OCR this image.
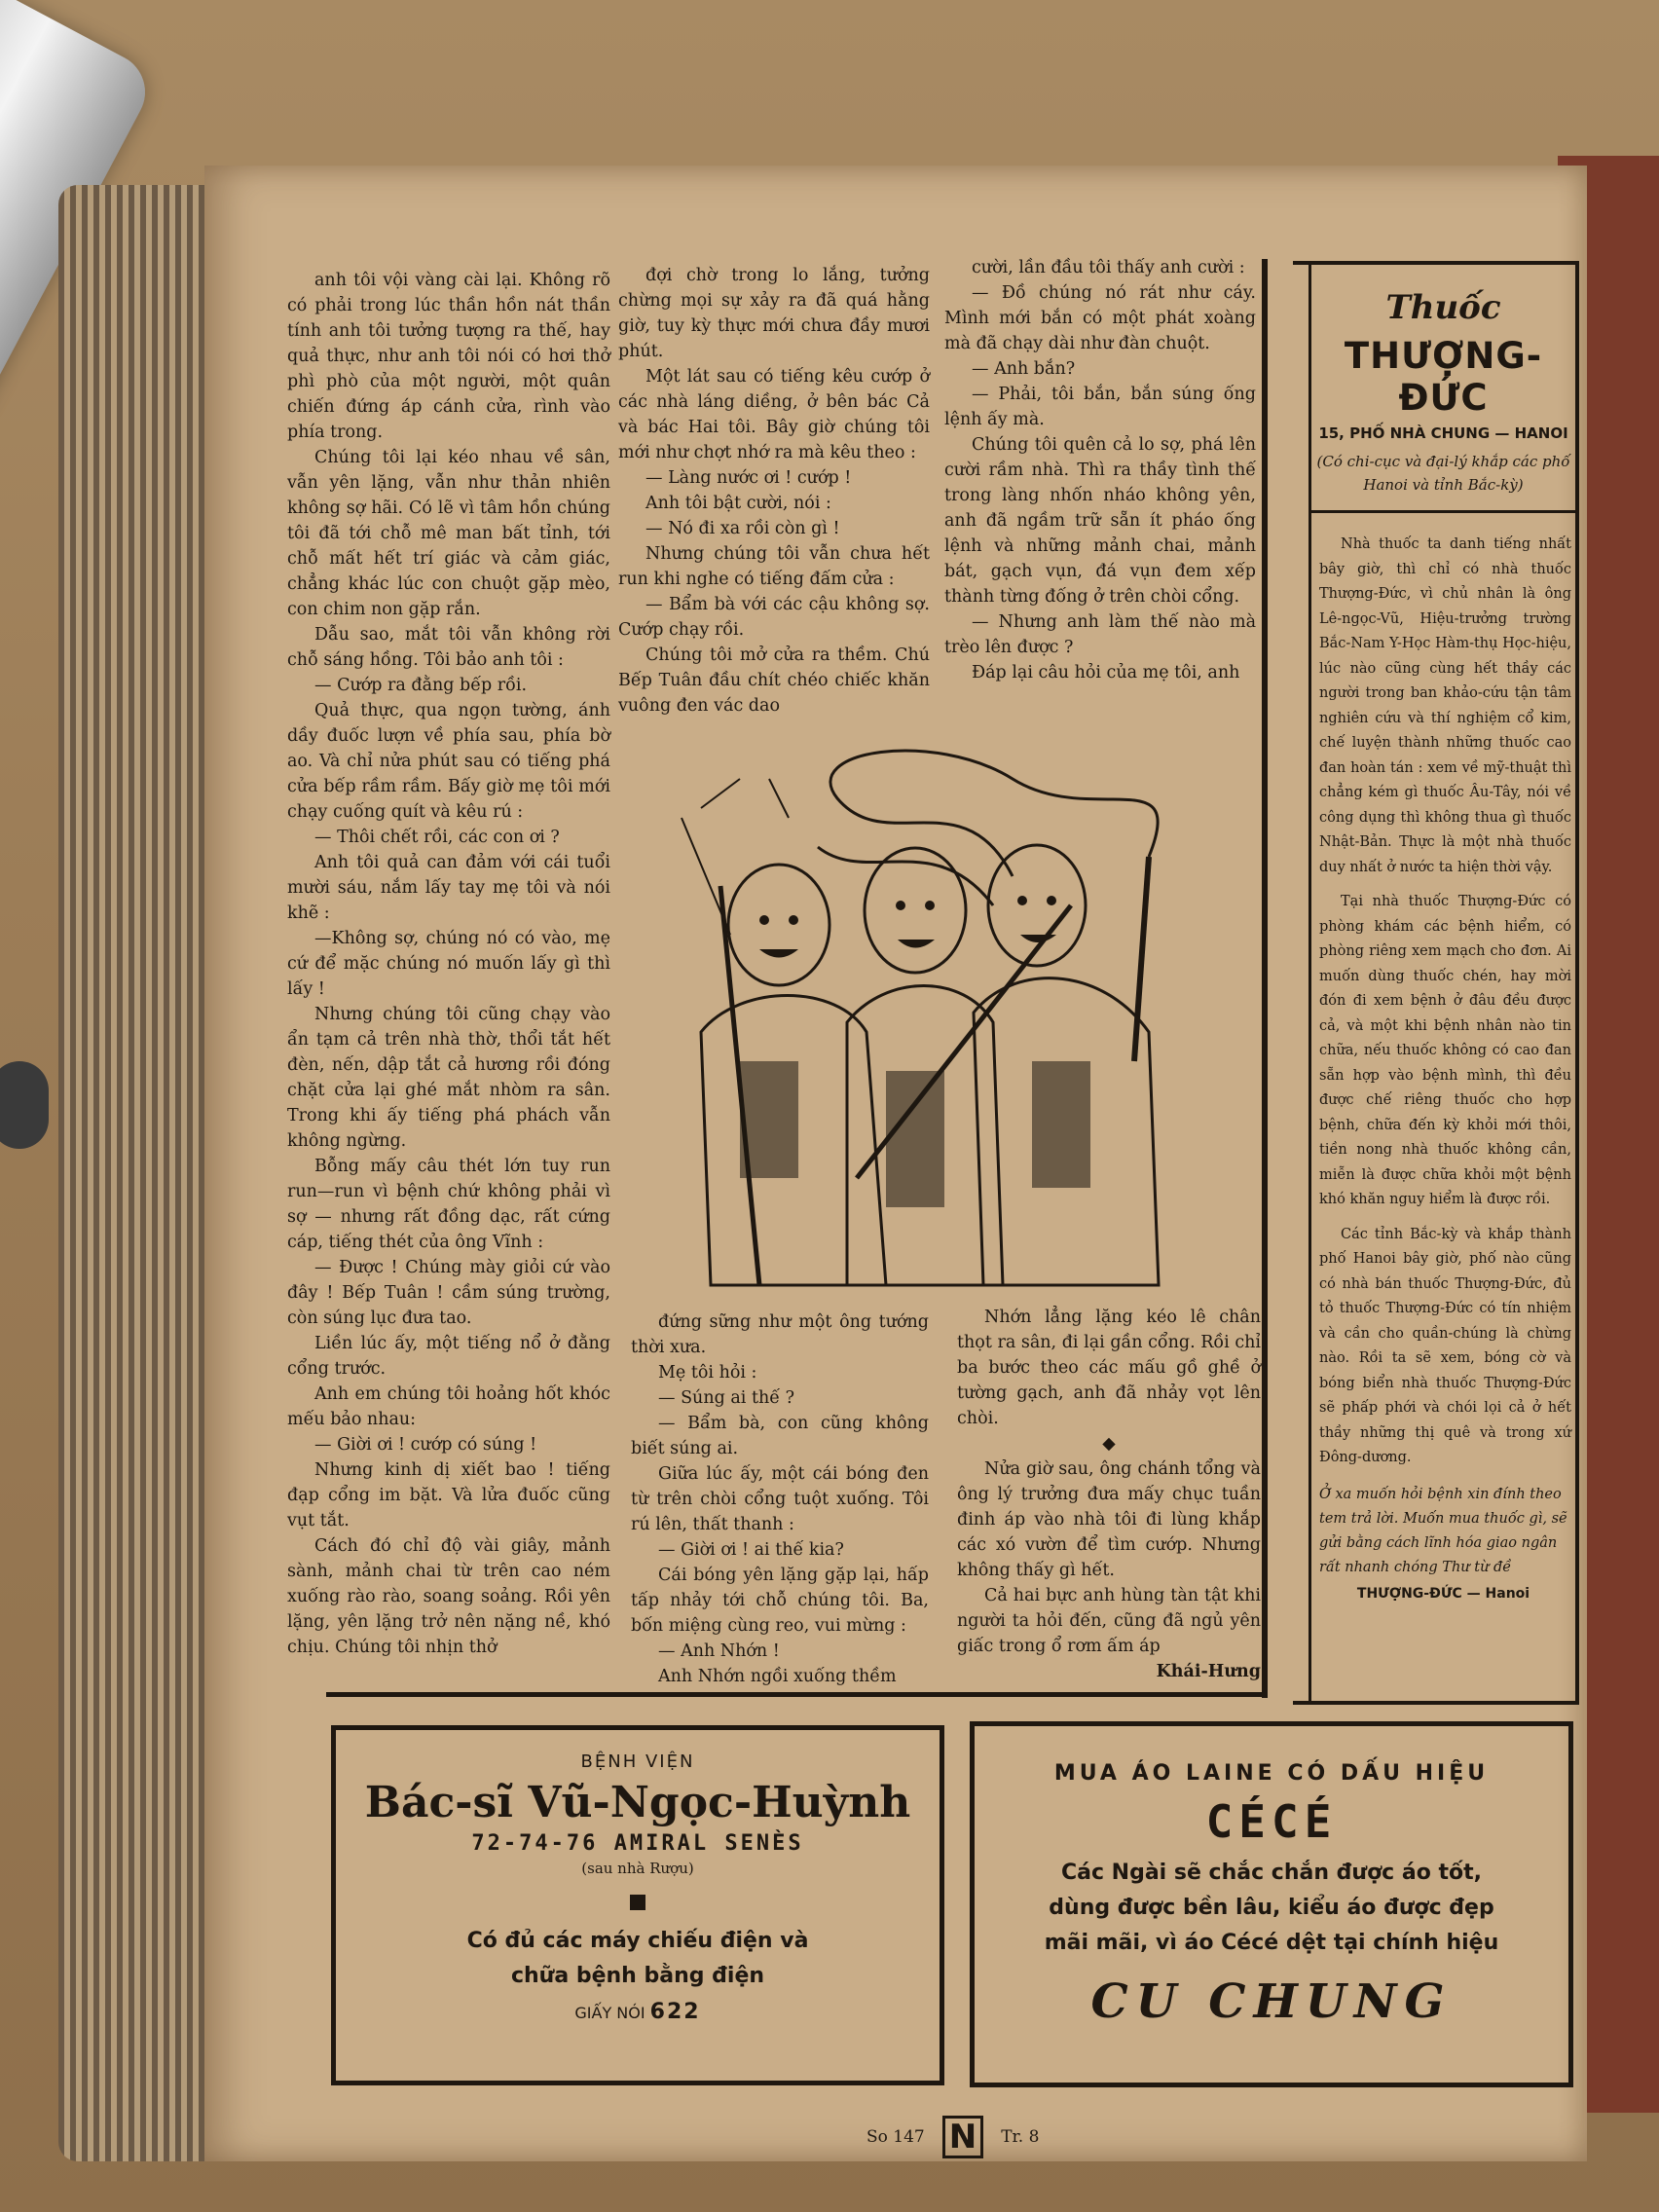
anh tôi vội vàng cài lại. Không rõ có phải trong lúc thần hồn nát thần tính anh tôi tưởng tượng ra thế, hay quả thực, như anh tôi nói có hơi thở phì phò của một người, một quân chiến đứng áp cánh cửa, rình vào phía trong.

Chúng tôi lại kéo nhau về sân, vẫn yên lặng, vẫn như thản nhiên không sợ hãi. Có lẽ vì tâm hồn chúng tôi đã tới chỗ mê man bất tỉnh, tới chỗ mất hết trí giác và cảm giác, chẳng khác lúc con chuột gặp mèo, con chim non gặp rắn.

Dẫu sao, mắt tôi vẫn không rời chỗ sáng hồng. Tôi bảo anh tôi :

— Cướp ra đằng bếp rồi.

Quả thực, qua ngọn tường, ánh dầy đuốc lượn về phía sau, phía bờ ao. Và chỉ nửa phút sau có tiếng phá cửa bếp rầm rầm. Bấy giờ mẹ tôi mới chạy cuống quít và kêu rú :

— Thôi chết rồi, các con ơi ?

Anh tôi quả can đảm với cái tuổi mười sáu, nắm lấy tay mẹ tôi và nói khẽ :

—Không sợ, chúng nó có vào, mẹ cứ để mặc chúng nó muốn lấy gì thì lấy !

Nhưng chúng tôi cũng chạy vào ẩn tạm cả trên nhà thờ, thổi tắt hết đèn, nến, dập tắt cả hương rồi đóng chặt cửa lại ghé mắt nhòm ra sân. Trong khi ấy tiếng phá phách vẫn không ngừng.

Bỗng mấy câu thét lớn tuy run run—run vì bệnh chứ không phải vì sợ — nhưng rất đồng dạc, rất cứng cáp, tiếng thét của ông Vĩnh :

— Được ! Chúng mày giỏi cứ vào đây ! Bếp Tuân ! cầm súng trường, còn súng lục đưa tao.

Liền lúc ấy, một tiếng nổ ở đằng cổng trước.

Anh em chúng tôi hoảng hốt khóc mếu bảo nhau:

— Giời ơi ! cướp có súng !

Nhưng kinh dị xiết bao ! tiếng đạp cổng im bặt. Và lửa đuốc cũng vụt tắt.

Cách đó chỉ độ vài giây, mảnh sành, mảnh chai từ trên cao ném xuống rào rào, soang soảng. Rồi yên lặng, yên lặng trở nên nặng nề, khó chịu. Chúng tôi nhịn thở

đợi chờ trong lo lắng, tưởng chừng mọi sự xảy ra đã quá hằng giờ, tuy kỳ thực mới chưa đầy mươi phút.

Một lát sau có tiếng kêu cướp ở các nhà láng diềng, ở bên bác Cả và bác Hai tôi. Bây giờ chúng tôi mới như chợt nhớ ra mà kêu theo :

— Làng nước ơi ! cướp !

Anh tôi bật cười, nói :

— Nó đi xa rồi còn gì !

Nhưng chúng tôi vẫn chưa hết run khi nghe có tiếng đấm cửa :

— Bẩm bà với các cậu không sợ. Cướp chạy rồi.

Chúng tôi mở cửa ra thềm. Chú Bếp Tuân đầu chít chéo chiếc khăn vuông đen vác dao

cười, lần đầu tôi thấy anh cười :

— Đồ chúng nó rát như cáy. Mình mới bắn có một phát xoàng mà đã chạy dài như đàn chuột.

— Anh bắn?

— Phải, tôi bắn, bắn súng ống lệnh ấy mà.

Chúng tôi quên cả lo sợ, phá lên cười rầm nhà. Thì ra thầy tình thế trong làng nhốn nháo không yên, anh đã ngầm trữ sẵn ít pháo ống lệnh và những mảnh chai, mảnh bát, gạch vụn, đá vụn đem xếp thành từng đống ở trên chòi cổng.

— Nhưng anh làm thế nào mà trèo lên được ?

Đáp lại câu hỏi của mẹ tôi, anh

đứng sững như một ông tướng thời xưa.

Mẹ tôi hỏi :

— Súng ai thế ?

— Bẩm bà, con cũng không biết súng ai.

Giữa lúc ấy, một cái bóng đen từ trên chòi cổng tuột xuống. Tôi rú lên, thất thanh :

— Giời ơi ! ai thế kia?

Cái bóng yên lặng gặp lại, hấp tấp nhảy tới chỗ chúng tôi. Ba, bốn miệng cùng reo, vui mừng :

— Anh Nhớn !

Anh Nhớn ngồi xuống thềm

Nhớn lẳng lặng kéo lê chân thọt ra sân, đi lại gần cổng. Rồi chỉ ba bước theo các mấu gồ ghề ở tường gạch, anh đã nhảy vọt lên chòi.

◆

Nửa giờ sau, ông chánh tổng và ông lý trưởng đưa mấy chục tuần đinh áp vào nhà tôi đi lùng khắp các xó vườn để tìm cướp. Nhưng không thấy gì hết.

Cả hai bực anh hùng tàn tật khi người ta hỏi đến, cũng đã ngủ yên giấc trong ổ rơm ấm áp

Khái-Hưng

Thuốc
THƯỢNG-ĐỨC
15, PHỐ NHÀ CHUNG — HANOI
(Có chi-cục và đại-lý khắp các phố Hanoi và tỉnh Bắc-kỳ)

Nhà thuốc ta danh tiếng nhất bây giờ, thì chỉ có nhà thuốc Thượng-Đức, vì chủ nhân là ông Lê-ngọc-Vũ, Hiệu-trưởng trường Bắc-Nam Y-Học Hàm-thụ Học-hiệu, lúc nào cũng cùng hết thầy các người trong ban khảo-cứu tận tâm nghiên cứu và thí nghiệm cổ kim, chế luyện thành những thuốc cao đan hoàn tán : xem về mỹ-thuật thì chẳng kém gì thuốc Âu-Tây, nói về công dụng thì không thua gì thuốc Nhật-Bản. Thực là một nhà thuốc duy nhất ở nước ta hiện thời vậy.

Tại nhà thuốc Thượng-Đức có phòng khám các bệnh hiểm, có phòng riêng xem mạch cho đơn. Ai muốn dùng thuốc chén, hay mời đón đi xem bệnh ở đâu đều được cả, và một khi bệnh nhân nào tin chữa, nếu thuốc không có cao đan sẵn hợp vào bệnh mình, thì đều được chế riêng thuốc cho hợp bệnh, chữa đến kỳ khỏi mới thôi, tiền nong nhà thuốc không cần, miễn là được chữa khỏi một bệnh khó khăn nguy hiểm là được rồi.

Các tỉnh Bắc-kỳ và khắp thành phố Hanoi bây giờ, phố nào cũng có nhà bán thuốc Thượng-Đức, đủ tỏ thuốc Thượng-Đức có tín nhiệm và cần cho quần-chúng là chừng nào. Rồi ta sẽ xem, bóng cờ và bóng biển nhà thuốc Thượng-Đức sẽ phấp phới và chói lọi cả ở hết thầy những thị quê và trong xứ Đông-dương.

Ở xa muốn hỏi bệnh xin đính theo tem trả lời. Muốn mua thuốc gì, sẽ gửi bằng cách lĩnh hóa giao ngân rất nhanh chóng Thư từ đề
THƯỢNG-ĐỨC — Hanoi
BỆNH VIỆN
Bác-sĩ Vũ-Ngọc-Huỳnh
72-74-76 AMIRAL SENÈS
(sau nhà Rượu)
Có đủ các máy chiếu điện và
chữa bệnh bằng điện
GIẤY NÓI 622
MUA ÁO LAINE CÓ DẤU HIỆU
CÉCÉ
Các Ngài sẽ chắc chắn được áo tốt,
dùng được bền lâu, kiểu áo được đẹp
mãi mãi, vì áo Cécé dệt tại chính hiệu
CU CHUNG
So 147 N	Tr. 8
